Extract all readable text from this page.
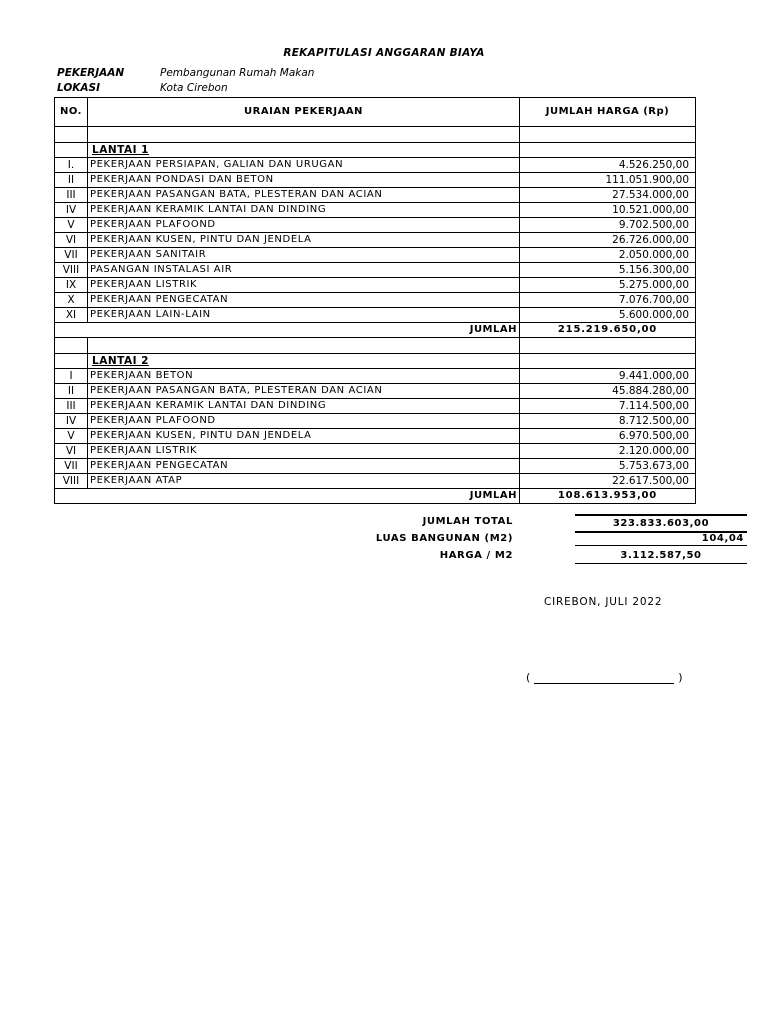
REKAPITULASI ANGGARAN BIAYA
PEKERJAAN	Pembangunan Rumah Makan
LOKASI	Kota Cirebon
NO.	URAIAN PEKERJAAN	JUMLAH HARGA (Rp)

	LANTAI 1	
I.	PEKERJAAN PERSIAPAN, GALIAN DAN URUGAN	4.526.250,00
II	PEKERJAAN PONDASI DAN BETON	111.051.900,00
III	PEKERJAAN PASANGAN BATA, PLESTERAN DAN ACIAN	27.534.000,00
IV	PEKERJAAN KERAMIK LANTAI DAN DINDING	10.521.000,00
V	PEKERJAAN PLAFOOND	9.702.500,00
VI	PEKERJAAN KUSEN, PINTU DAN JENDELA	26.726.000,00
VII	PEKERJAAN SANITAIR	2.050.000,00
VIII	PASANGAN INSTALASI AIR	5.156.300,00
IX	PEKERJAAN LISTRIK	5.275.000,00
X	PEKERJAAN PENGECATAN	7.076.700,00
XI	PEKERJAAN LAIN-LAIN	5.600.000,00
JUMLAH		215.219.650,00

	LANTAI 2	
I	PEKERJAAN BETON	9.441.000,00
II	PEKERJAAN PASANGAN BATA, PLESTERAN DAN ACIAN	45.884.280,00
III	PEKERJAAN KERAMIK LANTAI DAN DINDING	7.114.500,00
IV	PEKERJAAN PLAFOOND	8.712.500,00
V	PEKERJAAN KUSEN, PINTU DAN JENDELA	6.970.500,00
VI	PEKERJAAN LISTRIK	2.120.000,00
VII	PEKERJAAN PENGECATAN	5.753.673,00
VIII	PEKERJAAN ATAP	22.617.500,00
JUMLAH		108.613.953,00
JUMLAH TOTAL	323.833.603,00
LUAS BANGUNAN (M2)	104,04
HARGA / M2	3.112.587,50
CIREBON, JULI 2022
(	)
